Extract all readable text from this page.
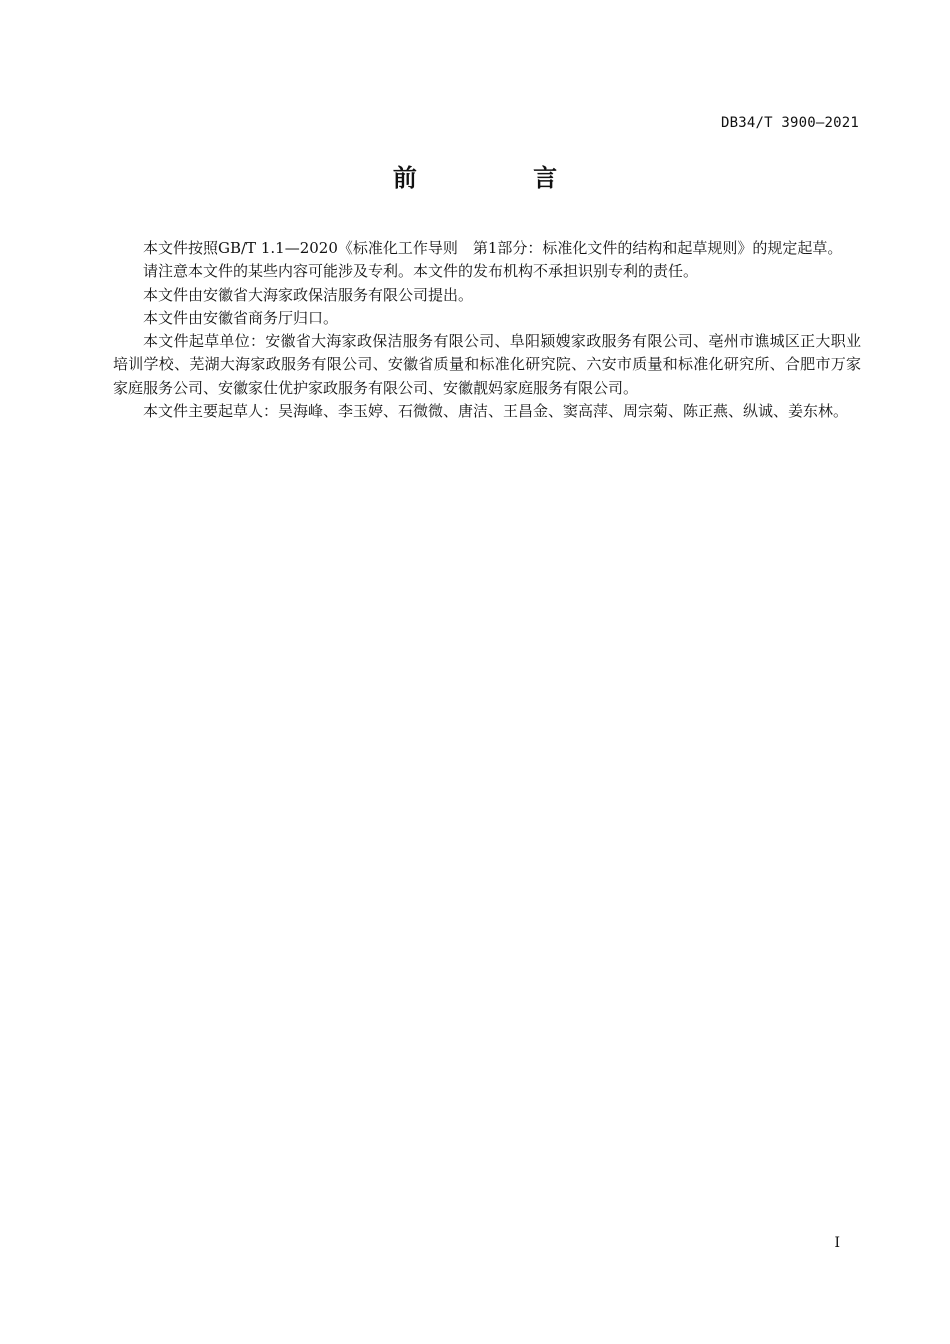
DB34/T 3900—2021
前 言

本文件按照GB/T 1.1—2020《标准化工作导则　第1部分：标准化文件的结构和起草规则》的规定起草。

请注意本文件的某些内容可能涉及专利。本文件的发布机构不承担识别专利的责任。

本文件由安徽省大海家政保洁服务有限公司提出。

本文件由安徽省商务厅归口。

本文件起草单位：安徽省大海家政保洁服务有限公司、阜阳颍嫂家政服务有限公司、亳州市谯城区正大职业培训学校、芜湖大海家政服务有限公司、安徽省质量和标准化研究院、六安市质量和标准化研究所、合肥市万家家庭服务公司、安徽家仕优护家政服务有限公司、安徽靓妈家庭服务有限公司。

本文件主要起草人：吴海峰、李玉婷、石微微、唐洁、王昌金、窦高萍、周宗菊、陈正燕、纵诚、姜东林。

I
